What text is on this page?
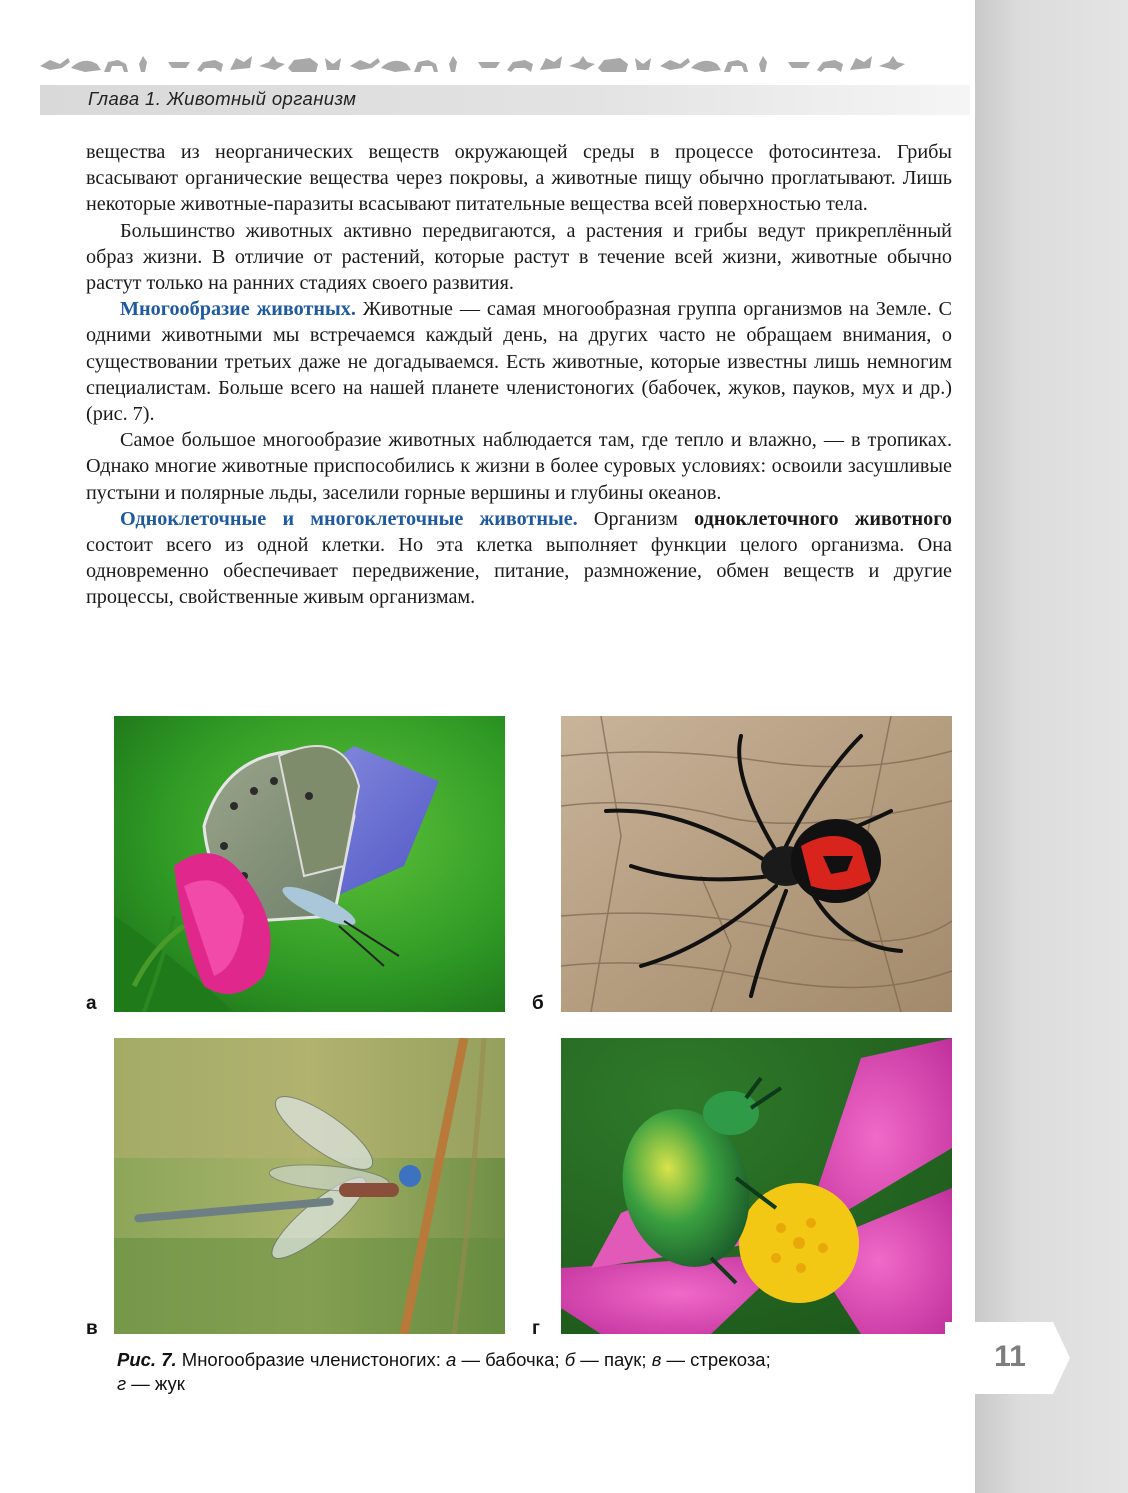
Глава 1. Животный организм

вещества из неорганических веществ окружающей среды в процессе фотосинтеза. Грибы всасывают органические вещества через покровы, а животные пищу обычно проглатывают. Лишь некоторые животные-паразиты всасывают питательные вещества всей поверхностью тела.

Большинство животных активно передвигаются, а растения и грибы ведут прикреплённый образ жизни. В отличие от растений, которые растут в течение всей жизни, животные обычно растут только на ранних стадиях своего развития.

Многообразие животных. Животные — самая многообразная группа организмов на Земле. С одними животными мы встречаемся каждый день, на других часто не обращаем внимания, о существовании третьих даже не догадываемся. Есть животные, которые известны лишь немногим специалистам. Больше всего на нашей планете членистоногих (бабочек, жуков, пауков, мух и др.) (рис. 7).

Самое большое многообразие животных наблюдается там, где тепло и влажно, — в тропиках. Однако многие животные приспособились к жизни в более суровых условиях: освоили засушливые пустыни и полярные льды, заселили горные вершины и глубины океанов.

Одноклеточные и многоклеточные животные. Организм одноклеточного животного состоит всего из одной клетки. Но эта клетка выполняет функции целого организма. Она одновременно обеспечивает передвижение, питание, размножение, обмен веществ и другие процессы, свойственные живым организмам.

а	б
в	г
Рис. 7. Многообразие членистоногих: а — бабочка; б — паук; в — стрекоза;
г — жук
11
